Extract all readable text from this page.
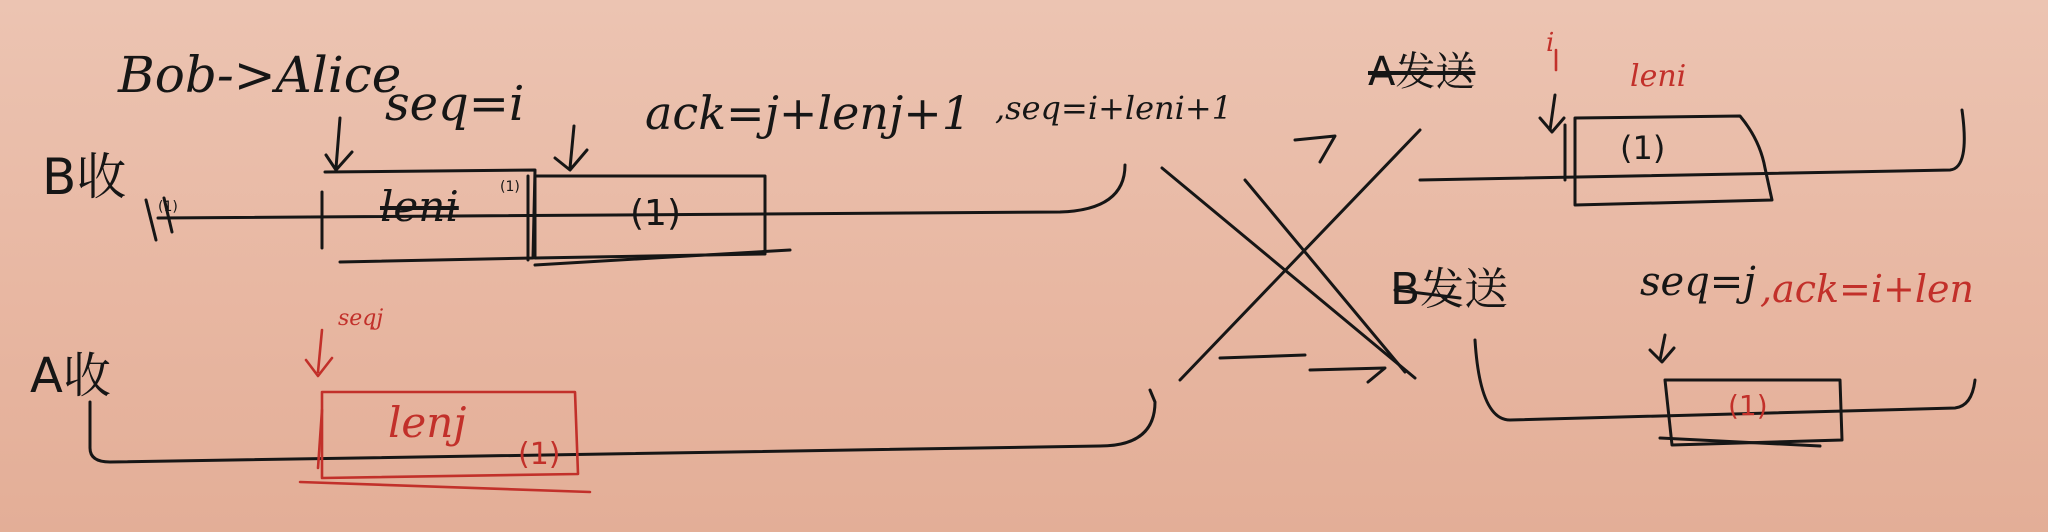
Bob->Alice
seq=i	ack=j+lenj+1 ,seq=i+leni+1
B收
leni	(1)
(1)
(1)
A收
seqj
lenj
(1)
A发送
i
leni
(1)
B发送	seq=j ,ack=i+len
(1)
